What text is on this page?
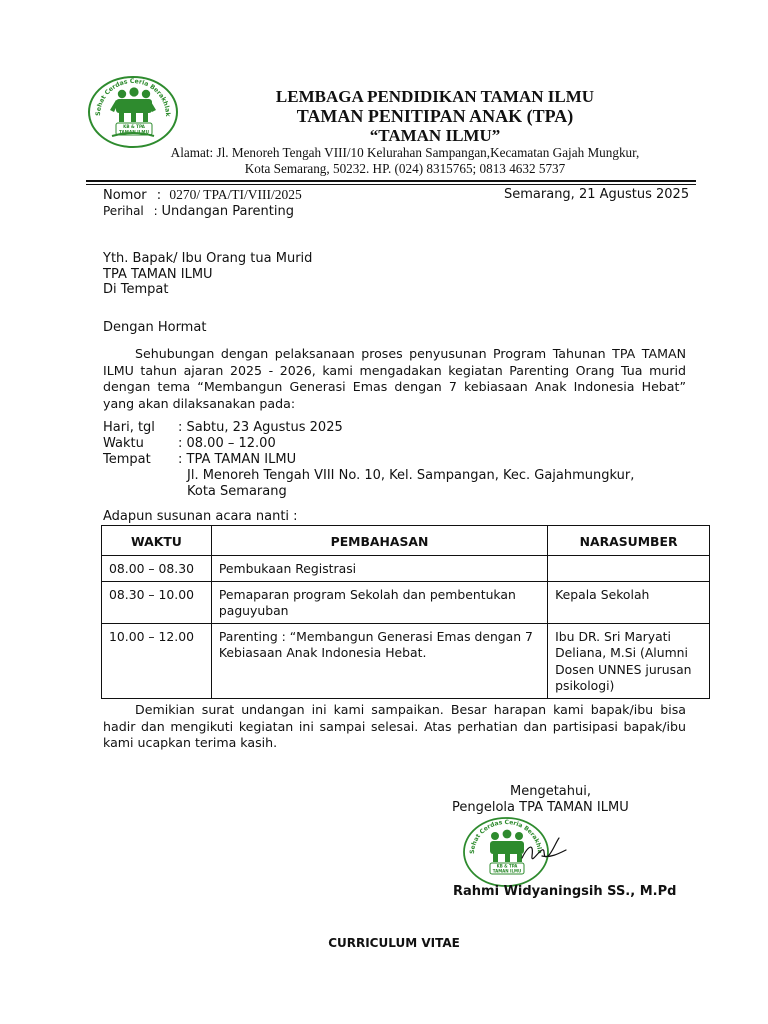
Sehat Cerdas Ceria Berakhlak
KB & TPA
TAMAN ILMU
LEMBAGA PENDIDIKAN TAMAN ILMU
TAMAN PENITIPAN ANAK (TPA)
“TAMAN ILMU”
Alamat: Jl. Menoreh Tengah VIII/10 Kelurahan Sampangan,Kecamatan Gajah Mungkur,
Kota Semarang, 50232. HP. (024) 8315765; 0813 4632 5737
Nomor : 0270/ TPA/TI/VIII/2025	Semarang, 21 Agustus 2025
Perihal : Undangan Parenting
Yth. Bapak/ Ibu Orang tua Murid
TPA TAMAN ILMU
Di Tempat
Dengan Hormat
Sehubungan dengan pelaksanaan proses penyusunan Program Tahunan TPA TAMAN ILMU tahun ajaran 2025 - 2026, kami mengadakan kegiatan Parenting Orang Tua murid dengan tema “Membangun Generasi Emas dengan 7 kebiasaan Anak Indonesia Hebat” yang akan dilaksanakan pada:
Hari, tgl : Sabtu, 23 Agustus 2025
Waktu	: 08.00 – 12.00
Tempat : TPA TAMAN ILMU
Jl. Menoreh Tengah VIII No. 10, Kel. Sampangan, Kec. Gajahmungkur,
Kota Semarang
Adapun susunan acara nanti :
WAKTU	PEMBAHASAN	NARASUMBER
08.00 – 08.30	Pembukaan Registrasi	
08.30 – 10.00	Pemaparan program Sekolah dan pembentukan paguyuban	Kepala Sekolah
10.00 – 12.00	Parenting : “Membangun Generasi Emas dengan 7 Kebiasaan Anak Indonesia Hebat.	Ibu DR. Sri Maryati Deliana, M.Si (Alumni Dosen UNNES jurusan psikologi)
Demikian surat undangan ini kami sampaikan. Besar harapan kami bapak/ibu bisa hadir dan mengikuti kegiatan ini sampai selesai. Atas perhatian dan partisipasi bapak/ibu kami ucapkan terima kasih.
Mengetahui,
Pengelola TPA TAMAN ILMU
Sehat Cerdas Ceria Berakhla
KB & TPA
TAMAN ILMU
Rahmi Widyaningsih SS., M.Pd
CURRICULUM VITAE
